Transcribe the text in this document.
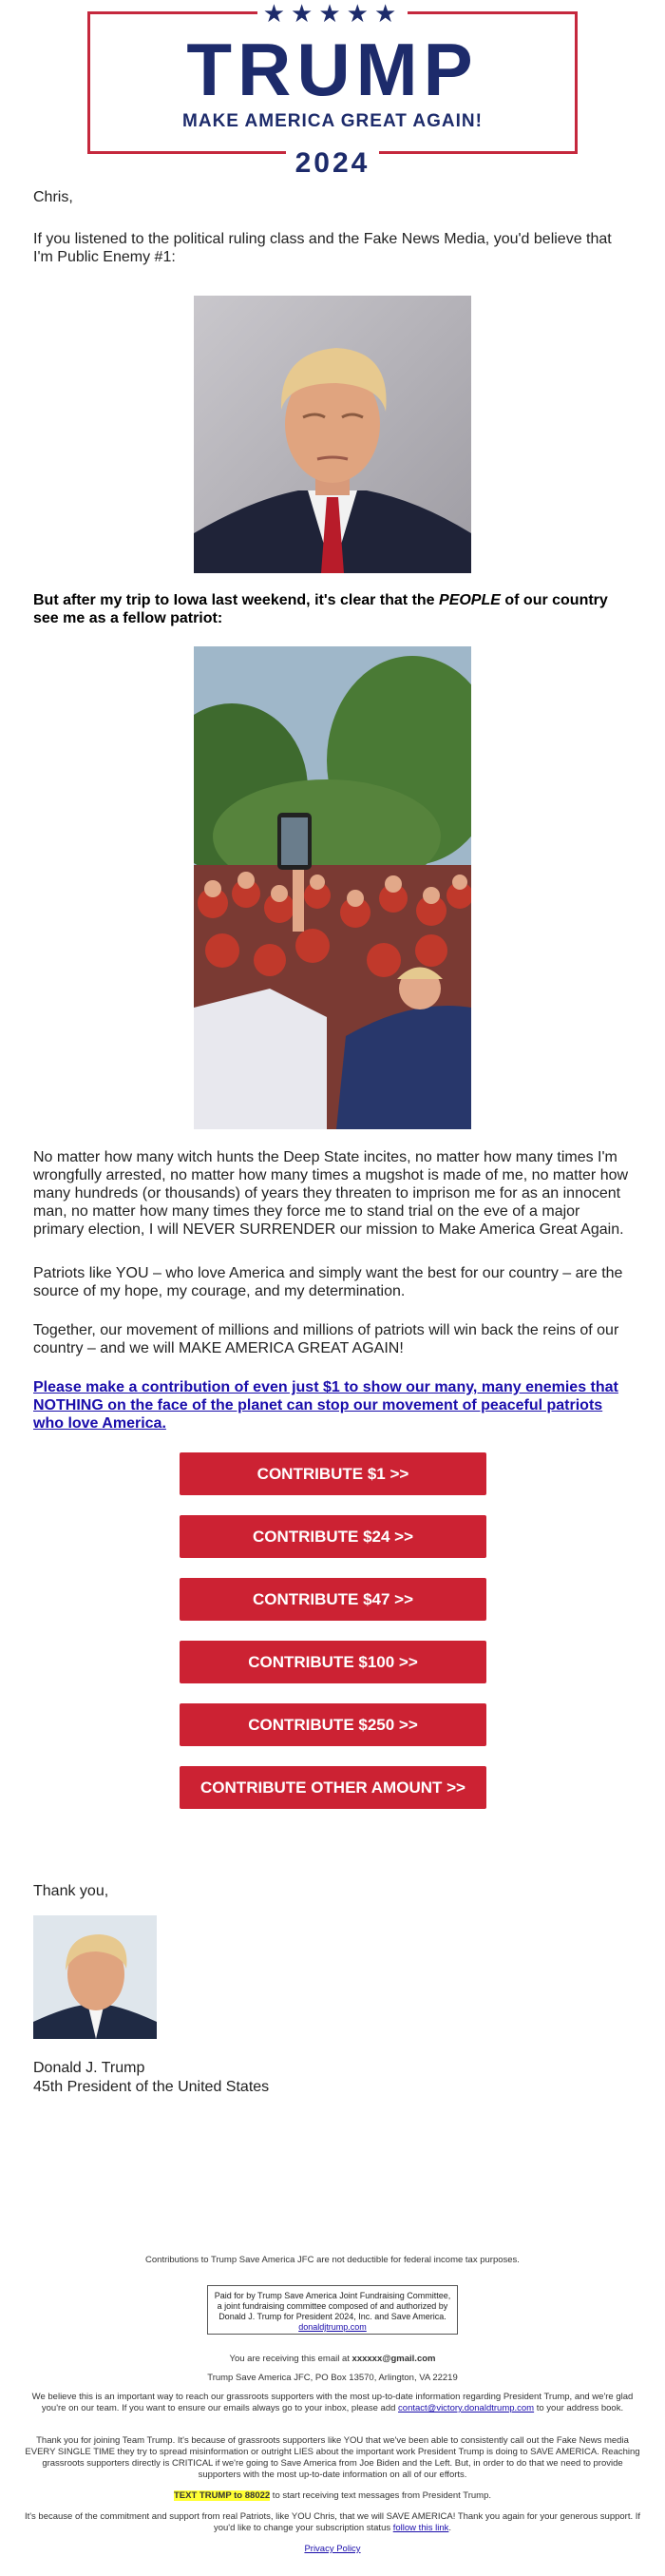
★★★★★
TRUMP
MAKE AMERICA GREAT AGAIN!
2024
Chris,
If you listened to the political ruling class and the Fake News Media, you'd believe that I'm Public Enemy #1:
But after my trip to Iowa last weekend, it's clear that the PEOPLE of our country see me as a fellow patriot:
No matter how many witch hunts the Deep State incites, no matter how many times I'm wrongfully arrested, no matter how many times a mugshot is made of me, no matter how many hundreds (or thousands) of years they threaten to imprison me for as an innocent man, no matter how many times they force me to stand trial on the eve of a major primary election, I will NEVER SURRENDER our mission to Make America Great Again.
Patriots like YOU – who love America and simply want the best for our country – are the source of my hope, my courage, and my determination.
Together, our movement of millions and millions of patriots will win back the reins of our country – and we will MAKE AMERICA GREAT AGAIN!
Please make a contribution of even just $1 to show our many, many enemies that NOTHING on the face of the planet can stop our movement of peaceful patriots who love America.
CONTRIBUTE $1 >>
CONTRIBUTE $24 >>
CONTRIBUTE $47 >>
CONTRIBUTE $100 >>
CONTRIBUTE $250 >>
CONTRIBUTE OTHER AMOUNT >>
Thank you,
Donald J. Trump
45th President of the United States
Contributions to Trump Save America JFC are not deductible for federal income tax purposes.
Paid for by Trump Save America Joint Fundraising Committee, a joint fundraising committee composed of and authorized by Donald J. Trump for President 2024, Inc. and Save America.
donaldjtrump.com
You are receiving this email at xxxxxx@gmail.com
Trump Save America JFC, PO Box 13570, Arlington, VA 22219
We believe this is an important way to reach our grassroots supporters with the most up-to-date information regarding President Trump, and we're glad you're on our team. If you want to ensure our emails always go to your inbox, please add contact@victory.donaldtrump.com to your address book.
Thank you for joining Team Trump. It's because of grassroots supporters like YOU that we've been able to consistently call out the Fake News media EVERY SINGLE TIME they try to spread misinformation or outright LIES about the important work President Trump is doing to SAVE AMERICA. Reaching grassroots supporters directly is CRITICAL if we're going to Save America from Joe Biden and the Left. But, in order to do that we need to provide supporters with the most up-to-date information on all of our efforts.
TEXT TRUMP to 88022 to start receiving text messages from President Trump.
It's because of the commitment and support from real Patriots, like YOU Chris, that we will SAVE AMERICA! Thank you again for your generous support. If you'd like to change your subscription status follow this link.
Privacy Policy
